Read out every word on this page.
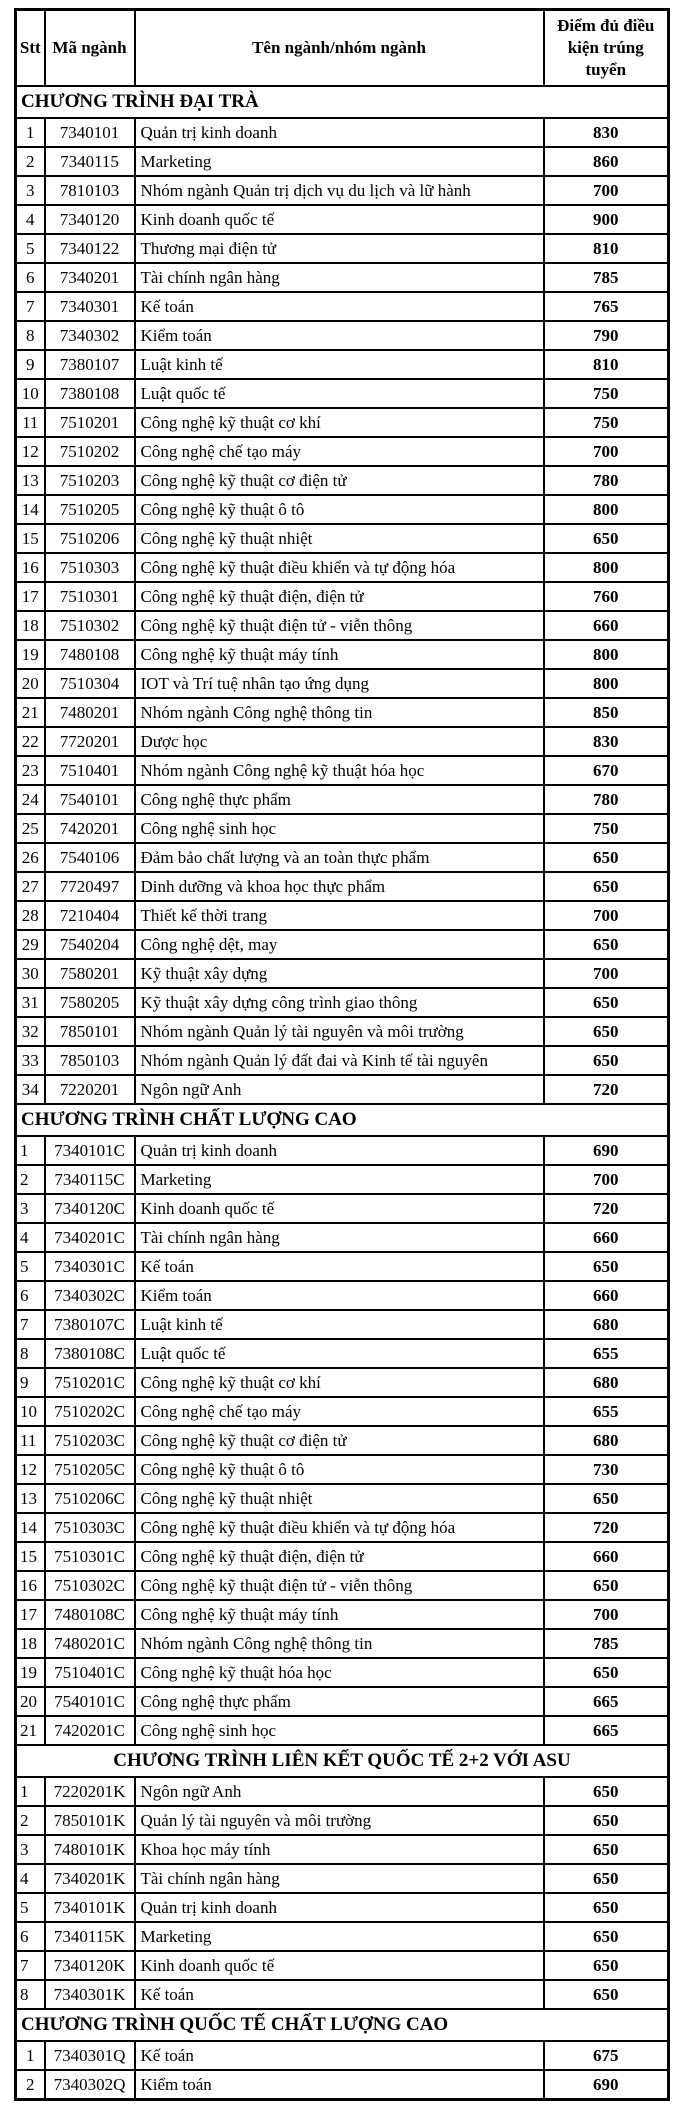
Stt	Mã ngành	Tên ngành/nhóm ngành	Điểm đủ điều kiện trúng tuyển
CHƯƠNG TRÌNH ĐẠI TRÀ			
1	7340101	Quản trị kinh doanh	830
2	7340115	Marketing	860
3	7810103	Nhóm ngành Quản trị dịch vụ du lịch và lữ hành	700
4	7340120	Kinh doanh quốc tế	900
5	7340122	Thương mại điện tử	810
6	7340201	Tài chính ngân hàng	785
7	7340301	Kế toán	765
8	7340302	Kiểm toán	790
9	7380107	Luật kinh tế	810
10	7380108	Luật quốc tế	750
11	7510201	Công nghệ kỹ thuật cơ khí	750
12	7510202	Công nghệ chế tạo máy	700
13	7510203	Công nghệ kỹ thuật cơ điện tử	780
14	7510205	Công nghệ kỹ thuật ô tô	800
15	7510206	Công nghệ kỹ thuật nhiệt	650
16	7510303	Công nghệ kỹ thuật điều khiển và tự động hóa	800
17	7510301	Công nghệ kỹ thuật điện, điện tử	760
18	7510302	Công nghệ kỹ thuật điện tử - viễn thông	660
19	7480108	Công nghệ kỹ thuật máy tính	800
20	7510304	IOT và Trí tuệ nhân tạo ứng dụng	800
21	7480201	Nhóm ngành Công nghệ thông tin	850
22	7720201	Dược học	830
23	7510401	Nhóm ngành Công nghệ kỹ thuật hóa học	670
24	7540101	Công nghệ thực phẩm	780
25	7420201	Công nghệ sinh học	750
26	7540106	Đảm bảo chất lượng và an toàn thực phẩm	650
27	7720497	Dinh dưỡng và khoa học thực phẩm	650
28	7210404	Thiết kế thời trang	700
29	7540204	Công nghệ dệt, may	650
30	7580201	Kỹ thuật xây dựng	700
31	7580205	Kỹ thuật xây dựng công trình giao thông	650
32	7850101	Nhóm ngành Quản lý tài nguyên và môi trường	650
33	7850103	Nhóm ngành Quản lý đất đai và Kinh tế tài nguyên	650
34	7220201	Ngôn ngữ Anh	720
CHƯƠNG TRÌNH CHẤT LƯỢNG CAO			
1	7340101C	Quản trị kinh doanh	690
2	7340115C	Marketing	700
3	7340120C	Kinh doanh quốc tế	720
4	7340201C	Tài chính ngân hàng	660
5	7340301C	Kế toán	650
6	7340302C	Kiểm toán	660
7	7380107C	Luật kinh tế	680
8	7380108C	Luật quốc tế	655
9	7510201C	Công nghệ kỹ thuật cơ khí	680
10	7510202C	Công nghệ chế tạo máy	655
11	7510203C	Công nghệ kỹ thuật cơ điện tử	680
12	7510205C	Công nghệ kỹ thuật ô tô	730
13	7510206C	Công nghệ kỹ thuật nhiệt	650
14	7510303C	Công nghệ kỹ thuật điều khiển và tự động hóa	720
15	7510301C	Công nghệ kỹ thuật điện, điện tử	660
16	7510302C	Công nghệ kỹ thuật điện tử - viễn thông	650
17	7480108C	Công nghệ kỹ thuật máy tính	700
18	7480201C	Nhóm ngành Công nghệ thông tin	785
19	7510401C	Công nghệ kỹ thuật hóa học	650
20	7540101C	Công nghệ thực phẩm	665
21	7420201C	Công nghệ sinh học	665
CHƯƠNG TRÌNH LIÊN KẾT QUỐC TẾ 2+2 VỚI ASU			
1	7220201K	Ngôn ngữ Anh	650
2	7850101K	Quản lý tài nguyên và môi trường	650
3	7480101K	Khoa học máy tính	650
4	7340201K	Tài chính ngân hàng	650
5	7340101K	Quản trị kinh doanh	650
6	7340115K	Marketing	650
7	7340120K	Kinh doanh quốc tế	650
8	7340301K	Kế toán	650
CHƯƠNG TRÌNH QUỐC TẾ CHẤT LƯỢNG CAO			
1	7340301Q	Kế toán	675
2	7340302Q	Kiểm toán	690
